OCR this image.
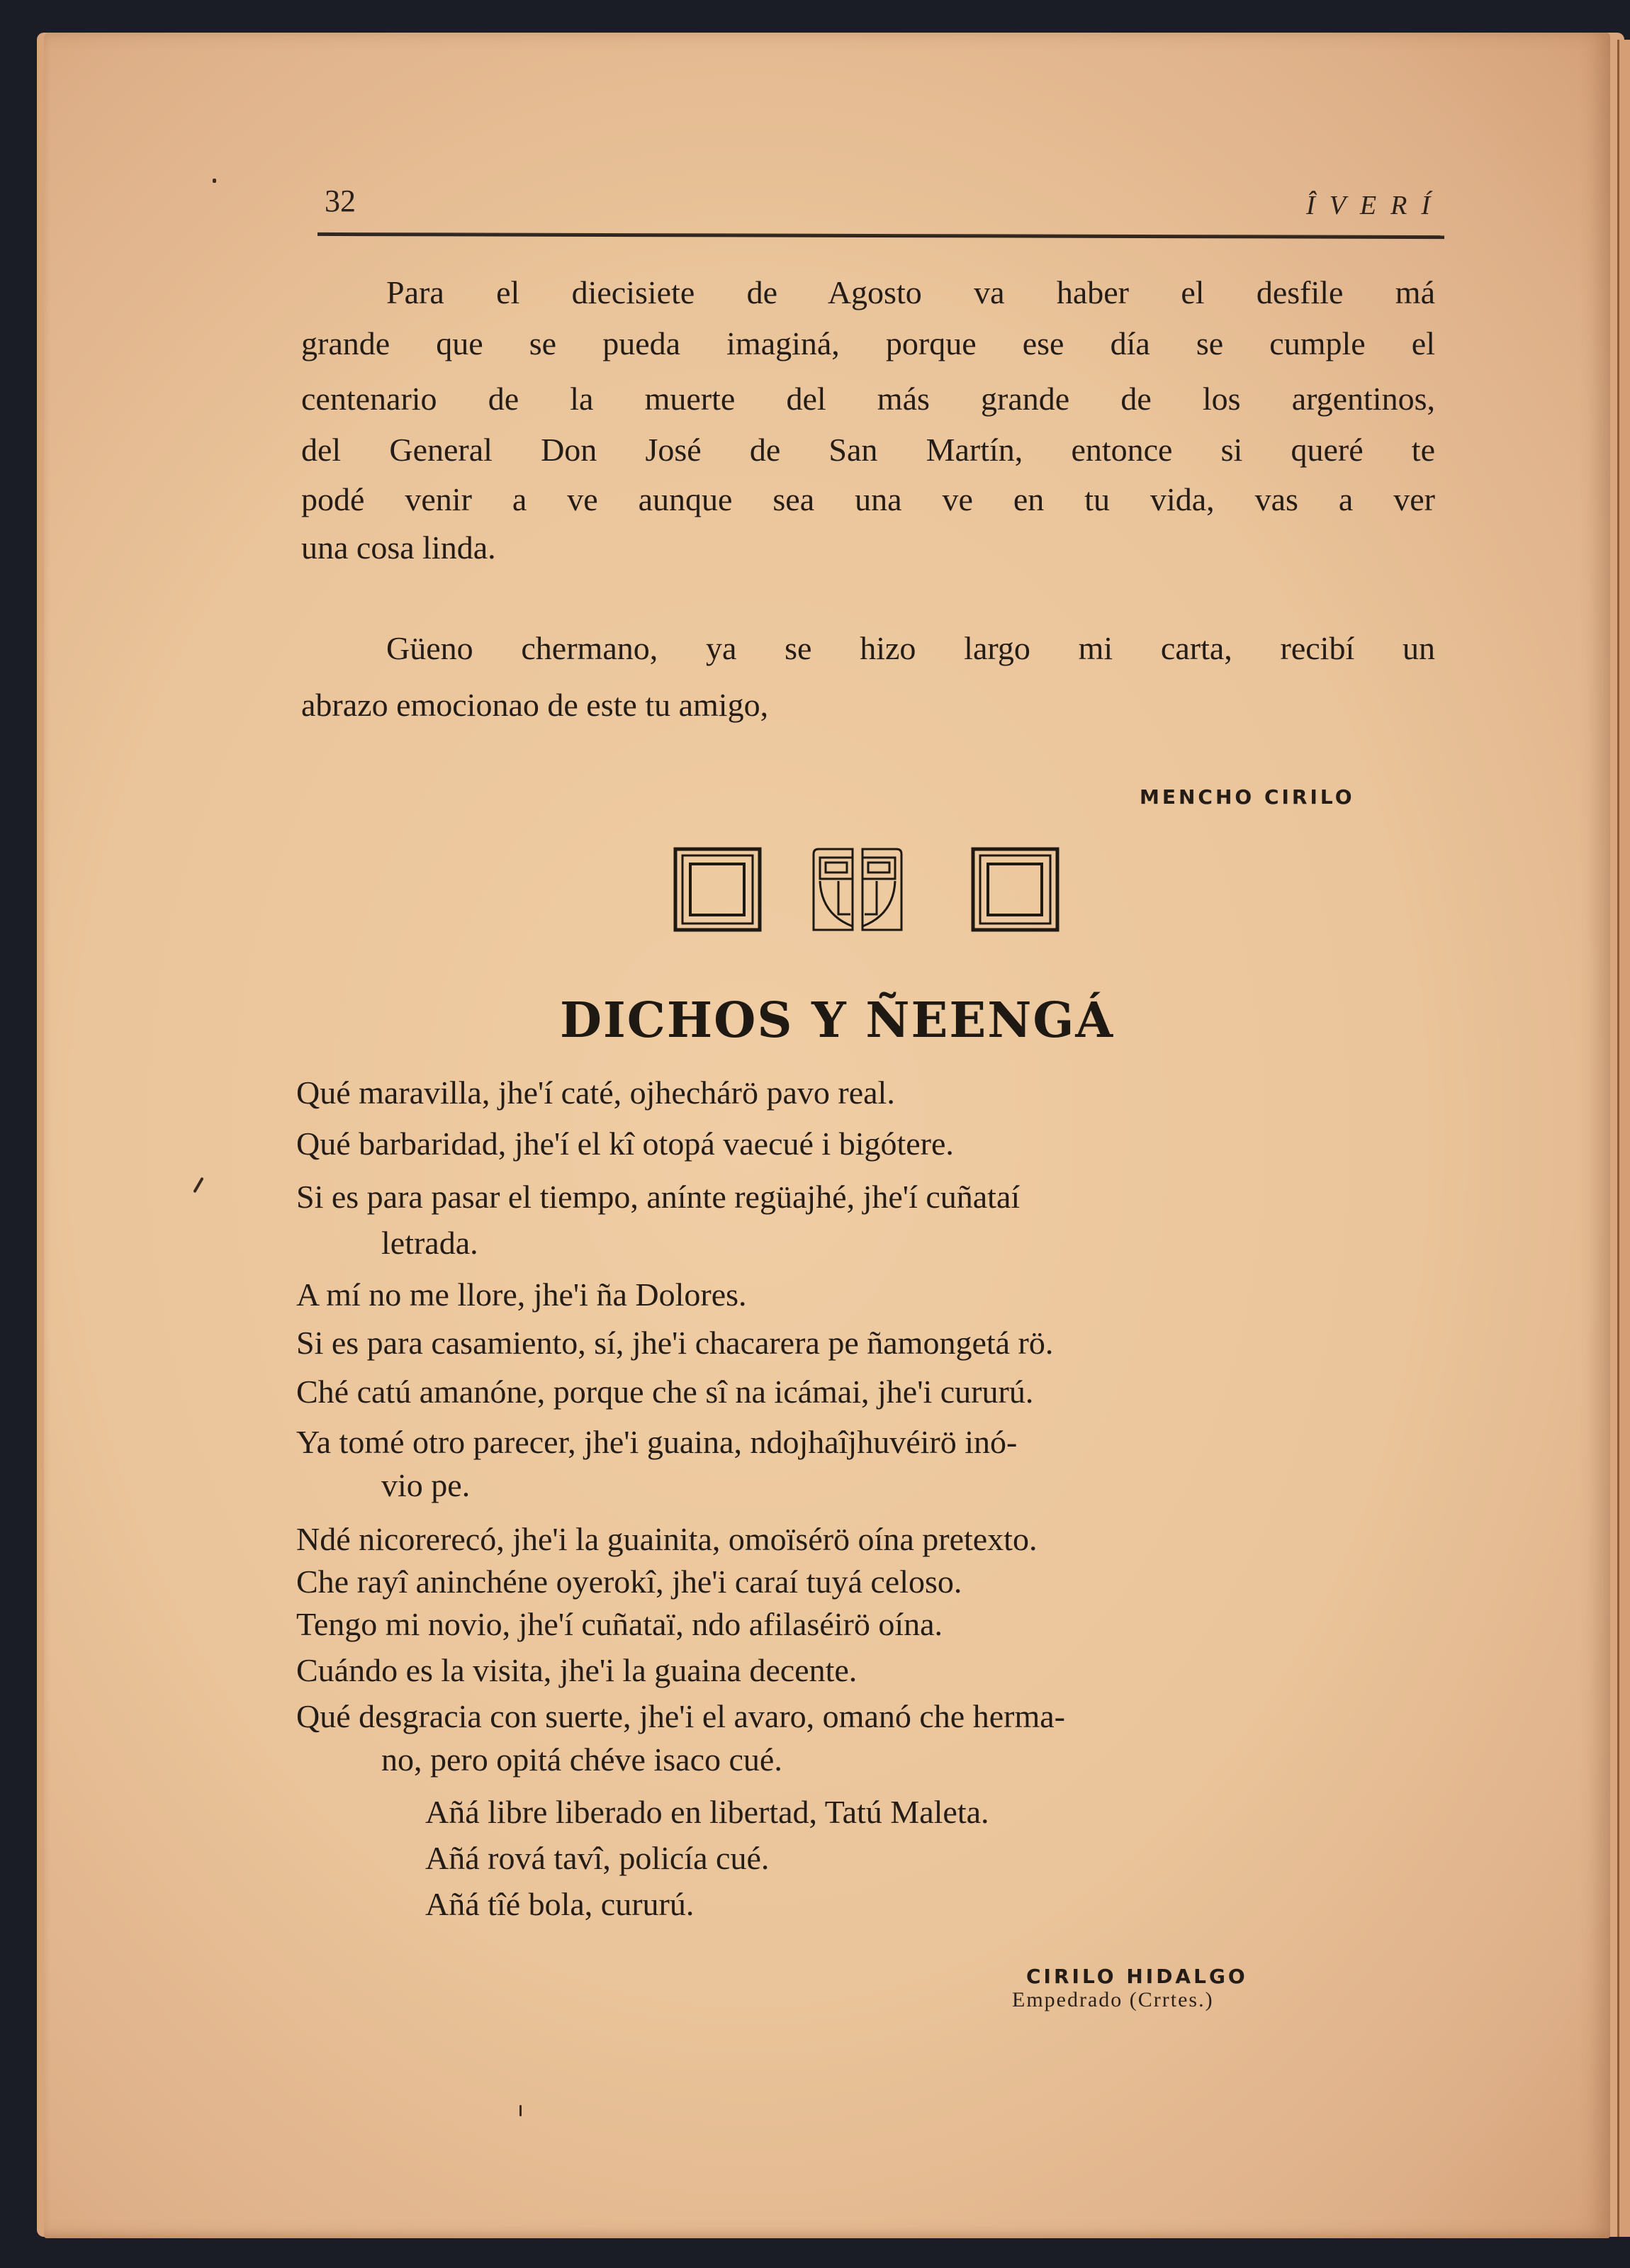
32	ÎVERÍ
Para el diecisiete de Agosto va haber el desfile má
grande que se pueda imaginá, porque ese día se cumple el
centenario de la muerte del más grande de los argentinos,
del General Don José de San Martín, entonce si queré te
podé venir a ve aunque sea una ve en tu vida, vas a ver
una cosa linda.
Güeno chermano, ya se hizo largo mi carta, recibí un
abrazo emocionao de este tu amigo,
MENCHO CIRILO
DICHOS Y ÑEENGÁ
Qué maravilla, jhe'í caté, ojhechárö pavo real.
Qué barbaridad, jhe'í el kî otopá vaecué i bigótere.
Si es para pasar el tiempo, anínte regüajhé, jhe'í cuñataí
letrada.
A mí no me llore, jhe'i ña Dolores.
Si es para casamiento, sí, jhe'i chacarera pe ñamongetá rö.
Ché catú amanóne, porque che sî na icámai, jhe'i cururú.
Ya tomé otro parecer, jhe'i guaina, ndojhaîjhuvéirö inó-
vio pe.
Ndé nicorerecó, jhe'i la guainita, omoïsérö oína pretexto.
Che rayî aninchéne oyerokî, jhe'i caraí tuyá celoso.
Tengo mi novio, jhe'í cuñataï, ndo afilaséirö oína.
Cuándo es la visita, jhe'i la guaina decente.
Qué desgracia con suerte, jhe'i el avaro, omanó che herma-
no, pero opitá chéve isaco cué.
Añá libre liberado en libertad, Tatú Maleta.
Añá rová tavî, policía cué.
Añá tîé bola, cururú.
CIRILO HIDALGO
Empedrado (Crrtes.)
